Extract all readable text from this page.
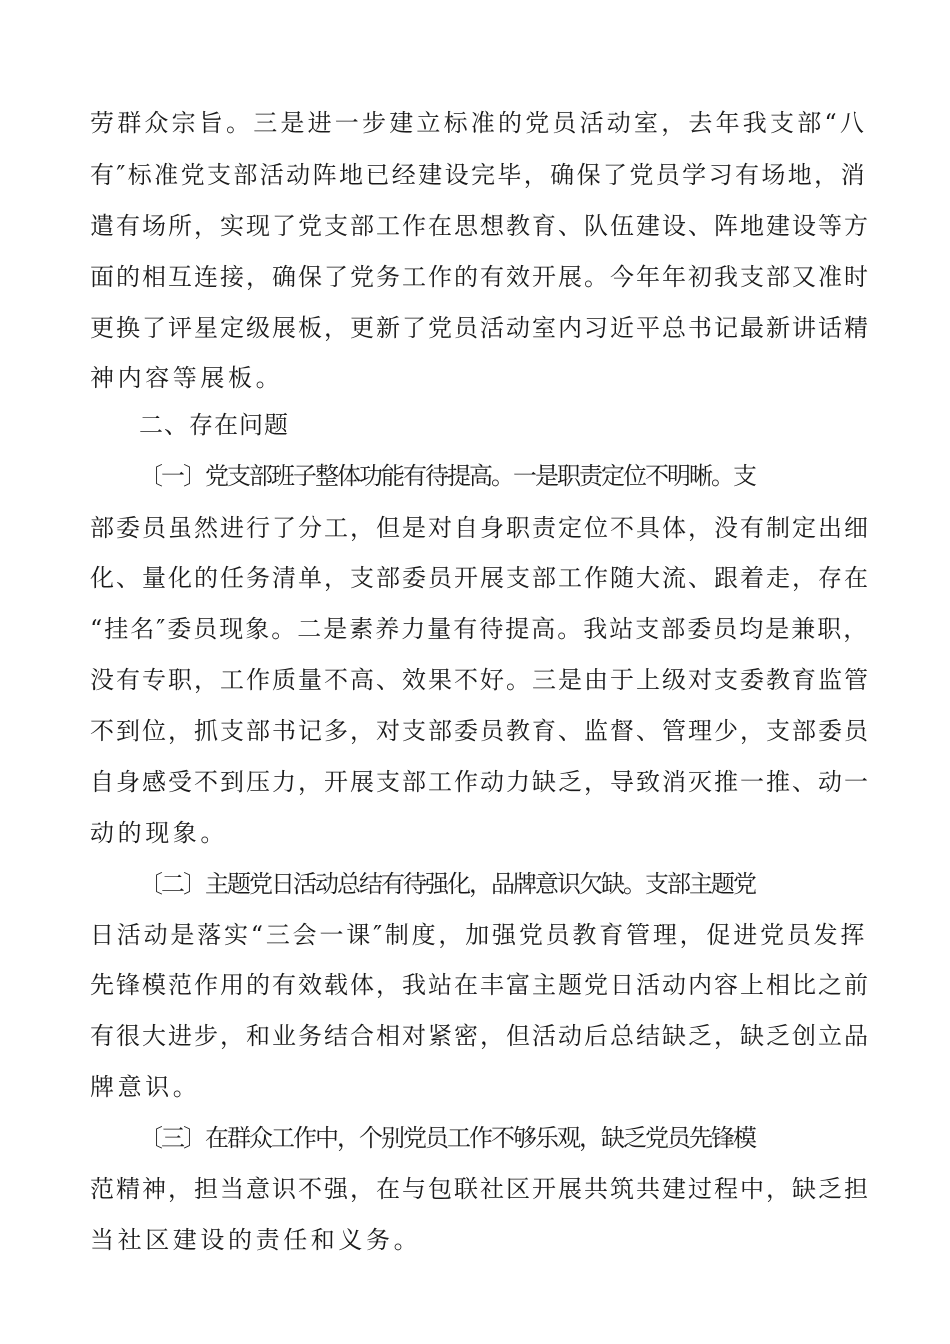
劳群众宗旨。三是进一步建立标准的党员活动室，去年我支部“八
有″标准党支部活动阵地已经建设完毕，确保了党员学习有场地，消
遣有场所，实现了党支部工作在思想教育、队伍建设、阵地建设等方
面的相互连接，确保了党务工作的有效开展。今年年初我支部又准时
更换了评星定级展板，更新了党员活动室内习近平总书记最新讲话精
神内容等展板。
二、存在问题
〔一〕党支部班子整体功能有待提高。一是职责定位不明晰。支
部委员虽然进行了分工，但是对自身职责定位不具体，没有制定出细
化、量化的任务清单，支部委员开展支部工作随大流、跟着走，存在
“挂名″委员现象。二是素养力量有待提高。我站支部委员均是兼职，
没有专职，工作质量不高、效果不好。三是由于上级对支委教育监管
不到位，抓支部书记多，对支部委员教育、监督、管理少，支部委员
自身感受不到压力，开展支部工作动力缺乏，导致消灭推一推、动一
动的现象。
〔二〕主题党日活动总结有待强化，品牌意识欠缺。支部主题党
日活动是落实“三会一课″制度，加强党员教育管理，促进党员发挥
先锋模范作用的有效载体，我站在丰富主题党日活动内容上相比之前
有很大进步，和业务结合相对紧密，但活动后总结缺乏，缺乏创立品
牌意识。
〔三〕在群众工作中，个别党员工作不够乐观，缺乏党员先锋模
范精神，担当意识不强，在与包联社区开展共筑共建过程中，缺乏担
当社区建设的责任和义务。
